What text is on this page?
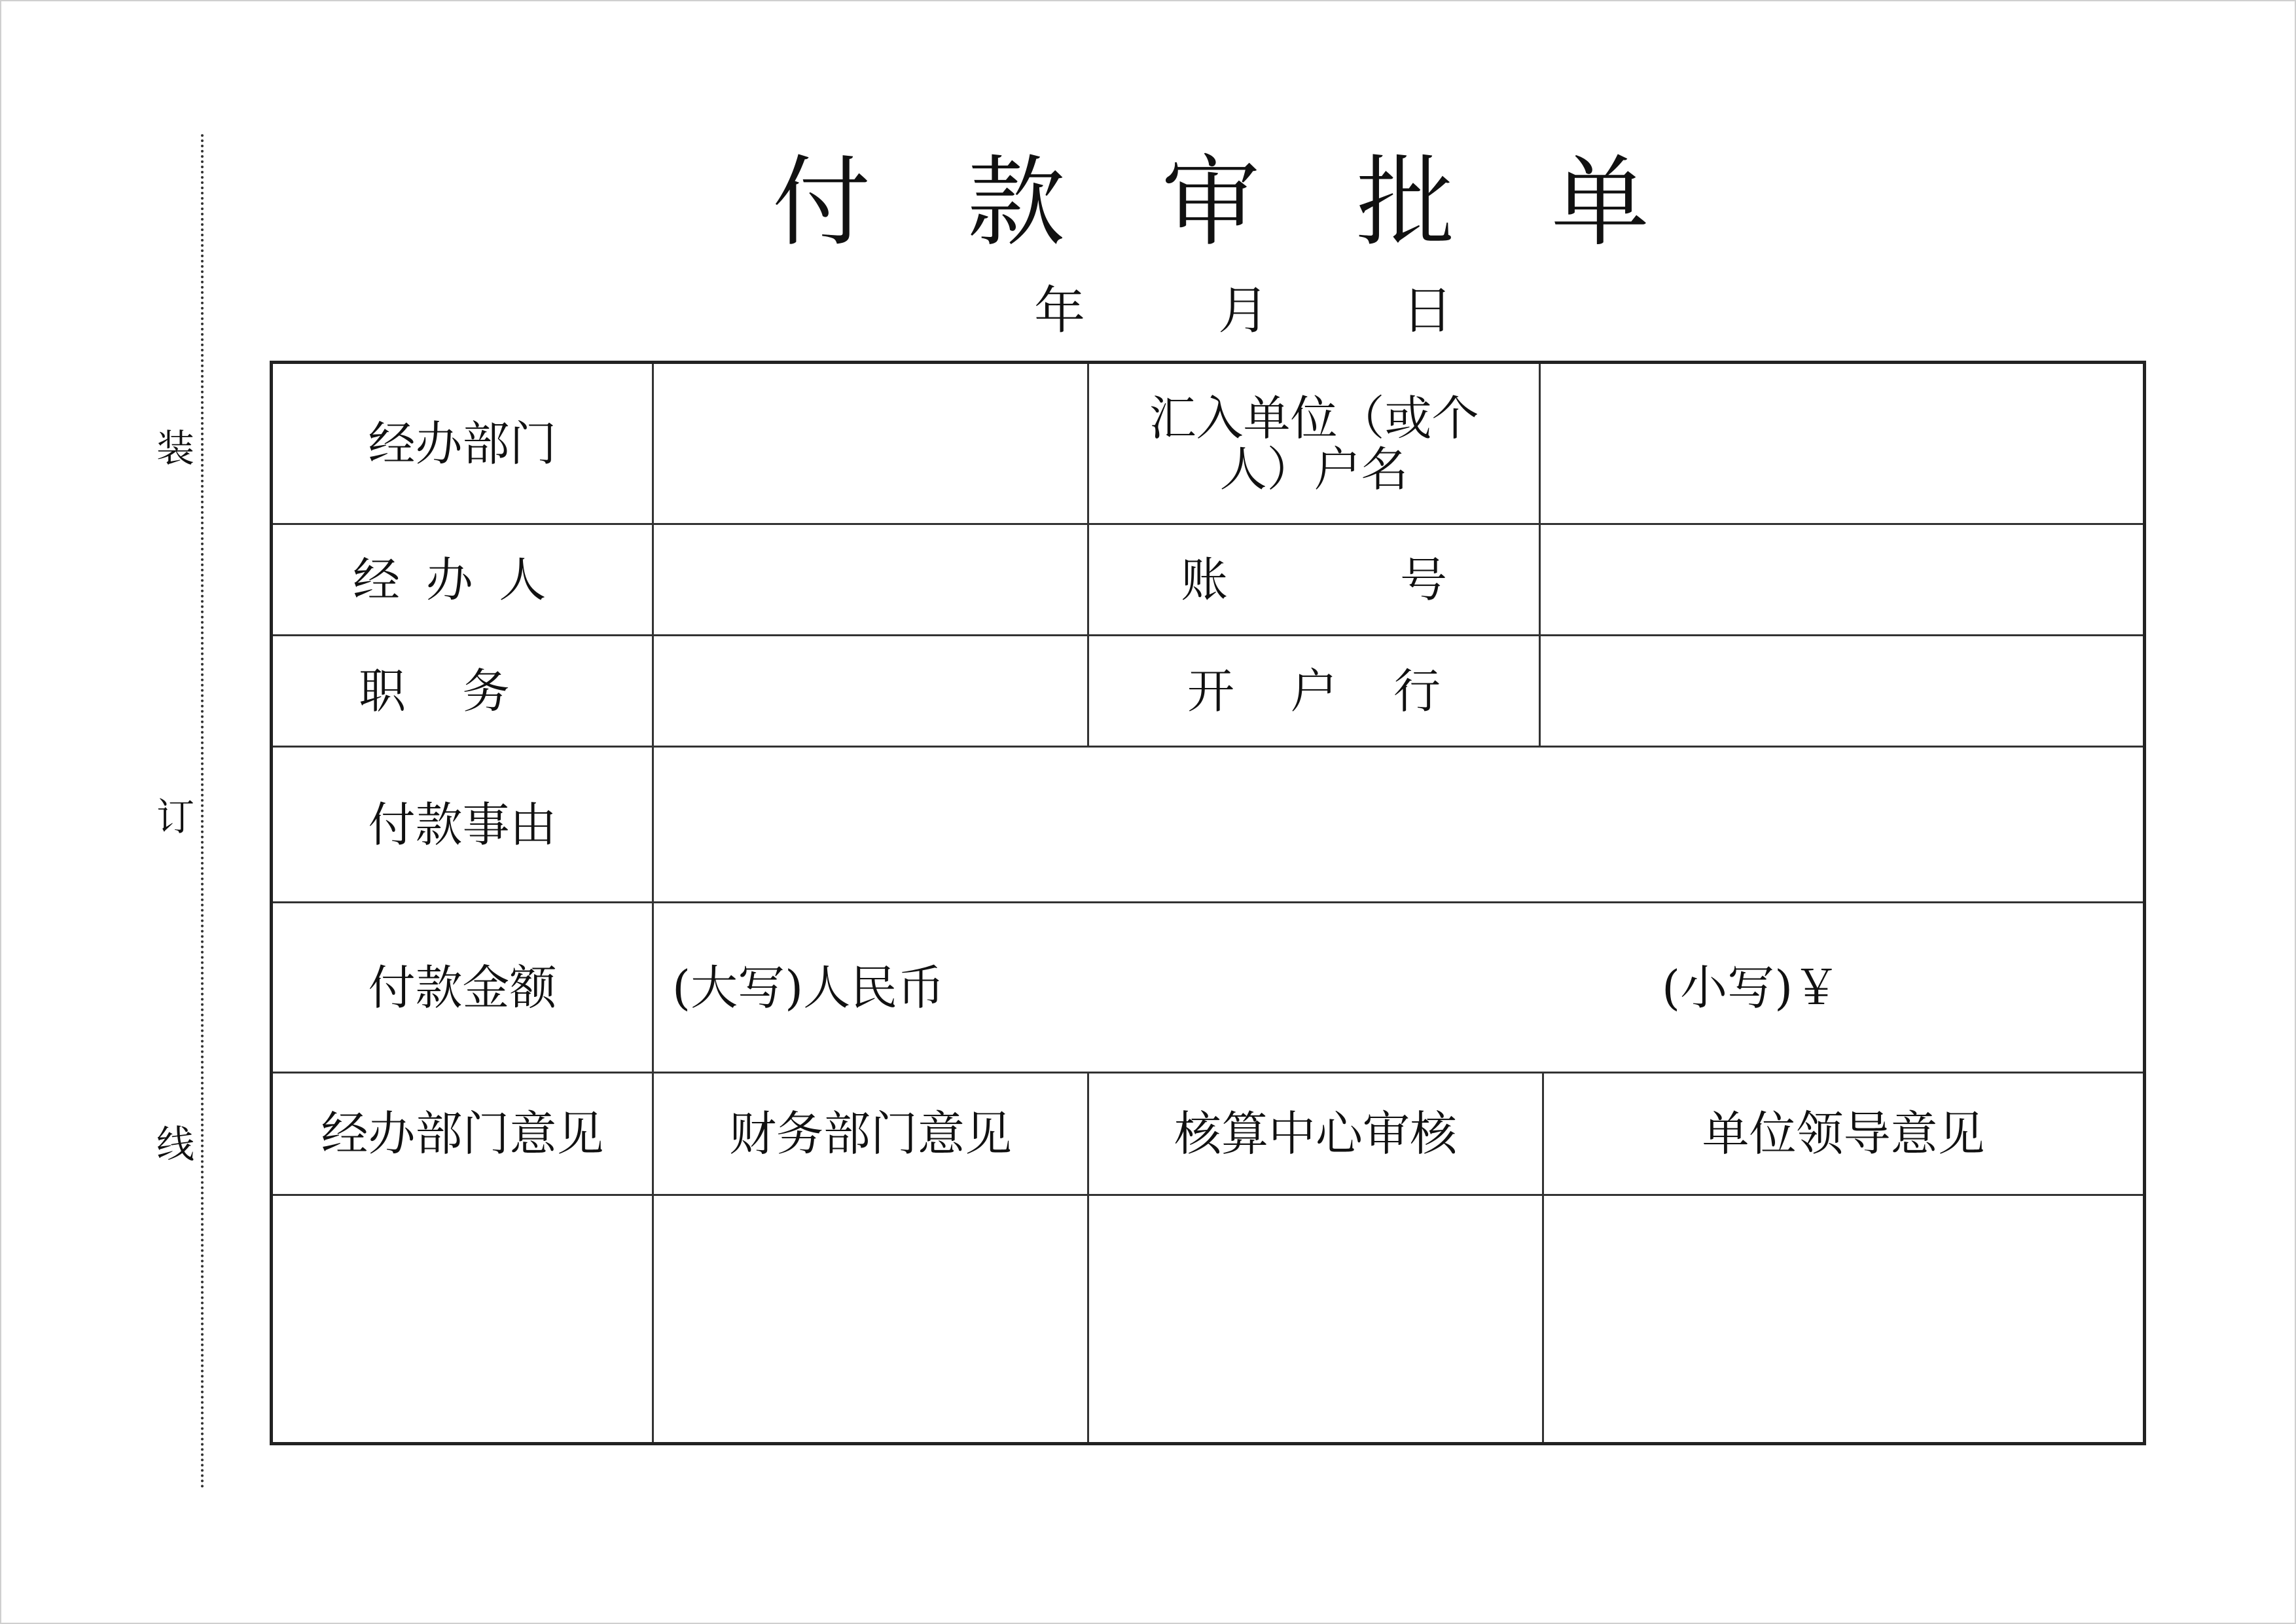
装
订
线
付 款 审 批 单
年	月	日
经办部门		汇入单位（或个人）户名		
经办人		账 号		

职务		开 户 行		

付款事由				
付款金额	(大写)人民币 (小写)￥			

经办部门意见	财务部门意见	核算中心审核		单位领导意见
